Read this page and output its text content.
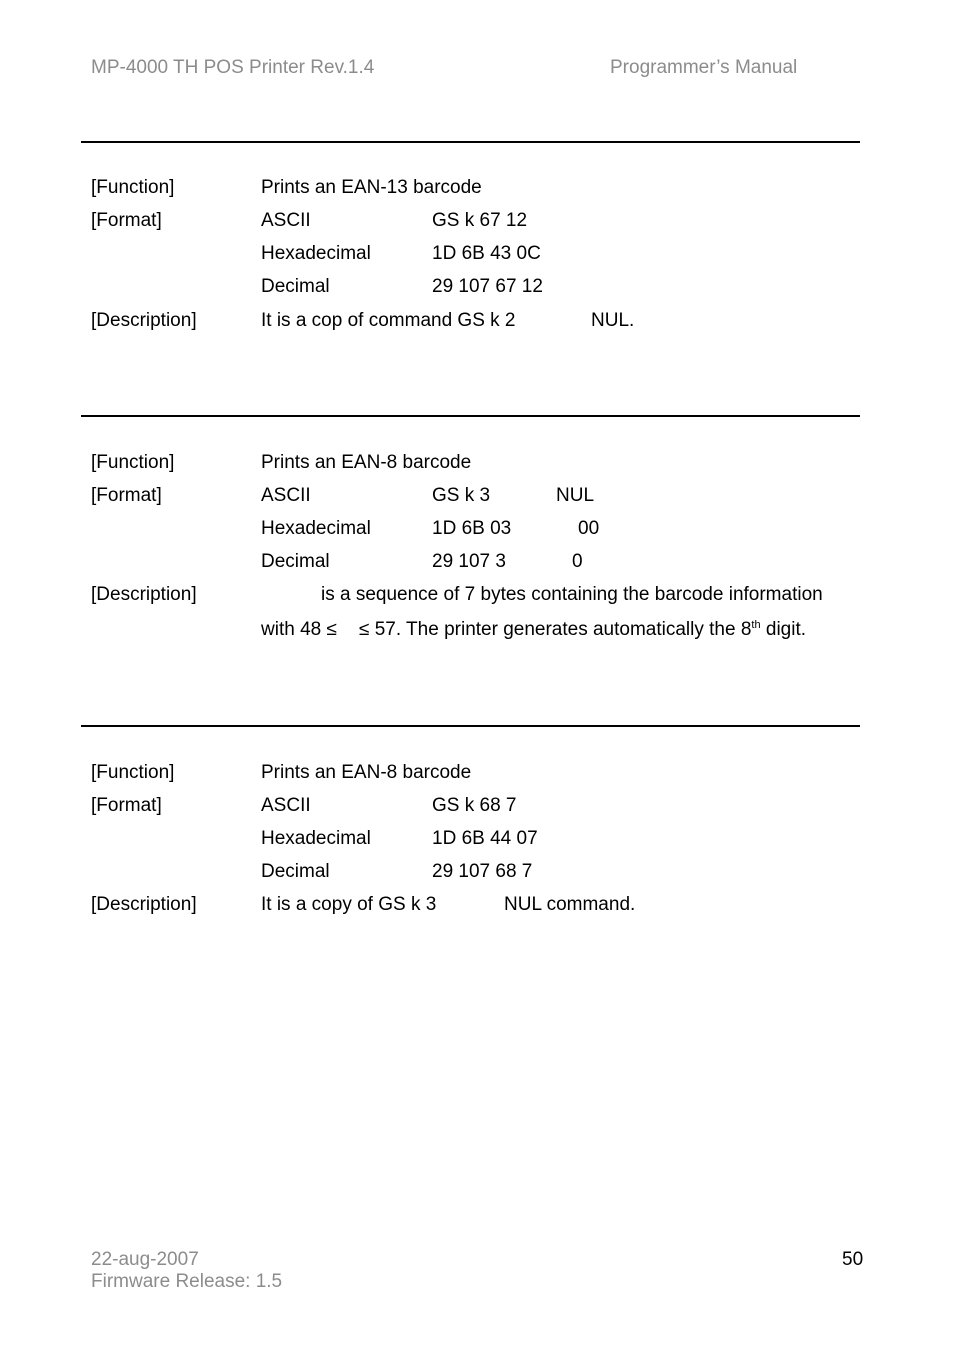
MP-4000 TH POS Printer Rev.1.4	Programmer’s Manual
[Function]	Prints an EAN-13 barcode
[Format]	ASCII	GS k 67 12
Hexadecimal	1D 6B 43 0C
Decimal	29 107 67 12
[Description]	It is a cop of command GS k 2	NUL.
[Function]	Prints an EAN-8 barcode
[Format]	ASCII	GS k 3	NUL
Hexadecimal	1D 6B 03	00
Decimal	29 107 3	0
[Description]	is a sequence of 7 bytes containing the barcode information
with 48 ≤ ≤ 57. The printer generates automatically the 8th digit.
[Function]	Prints an EAN-8 barcode
[Format]	ASCII	GS k 68 7
Hexadecimal	1D 6B 44 07
Decimal	29 107 68 7
[Description]	It is a copy of GS k 3	NUL command.
22-aug-2007
Firmware Release: 1.5
50
